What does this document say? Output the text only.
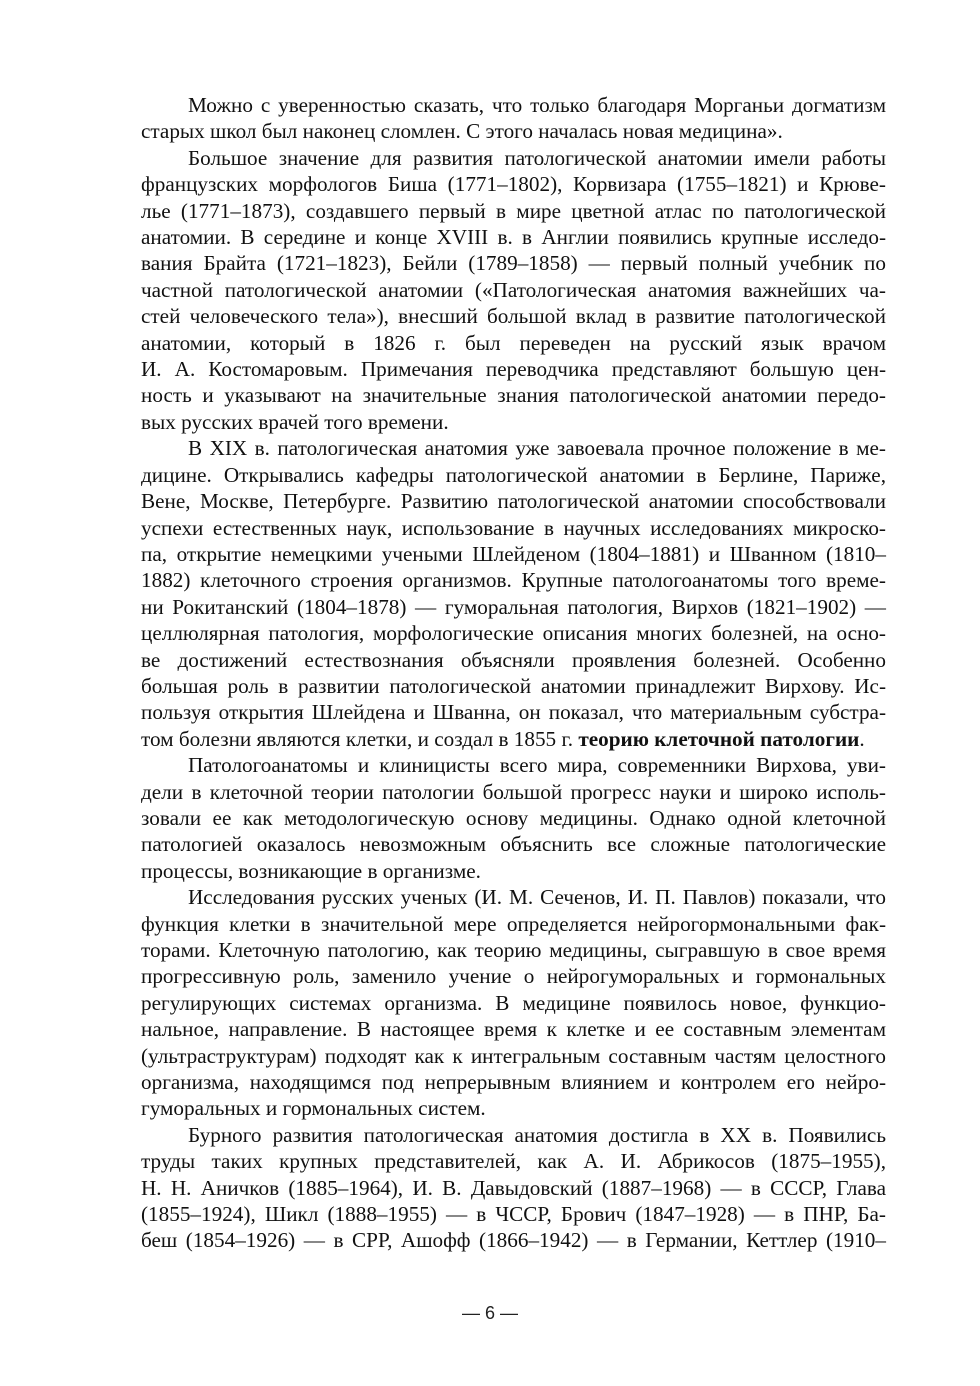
Можно с уверенностью сказать, что только благодаря Морганьи догматизм
старых школ был наконец сломлен. С этого началась новая медицина».
Большое значение для развития патологической анатомии имели работы
французских морфологов Биша (1771–1802), Корвизара (1755–1821) и Крюве-
лье (1771–1873), создавшего первый в мире цветной атлас по патологической
анатомии. В середине и конце XVIII в. в Англии появились крупные исследо-
вания Брайта (1721–1823), Бейли (1789–1858) — первый полный учебник по
частной патологической анатомии («Патологическая анатомия важнейших ча-
стей человеческого тела»), внесший большой вклад в развитие патологической
анатомии, который в 1826 г. был переведен на русский язык врачом
И. А. Костомаровым. Примечания переводчика представляют большую цен-
ность и указывают на значительные знания патологической анатомии передо-
вых русских врачей того времени.
В XIX в. патологическая анатомия уже завоевала прочное положение в ме-
дицине. Открывались кафедры патологической анатомии в Берлине, Париже,
Вене, Москве, Петербурге. Развитию патологической анатомии способствовали
успехи естественных наук, использование в научных исследованиях микроско-
па, открытие немецкими учеными Шлейденом (1804–1881) и Шванном (1810–
1882) клеточного строения организмов. Крупные патологоанатомы того време-
ни Рокитанский (1804–1878) — гуморальная патология, Вирхов (1821–1902) —
целлюлярная патология, морфологические описания многих болезней, на осно-
ве достижений естествознания объясняли проявления болезней. Особенно
большая роль в развитии патологической анатомии принадлежит Вирхову. Ис-
пользуя открытия Шлейдена и Шванна, он показал, что материальным субстра-
том болезни являются клетки, и создал в 1855 г. теорию клеточной патологии.
Патологоанатомы и клиницисты всего мира, современники Вирхова, уви-
дели в клеточной теории патологии большой прогресс науки и широко исполь-
зовали ее как методологическую основу медицины. Однако одной клеточной
патологией оказалось невозможным объяснить все сложные патологические
процессы, возникающие в организме.
Исследования русских ученых (И. М. Сеченов, И. П. Павлов) показали, что
функция клетки в значительной мере определяется нейрогормональными фак-
торами. Клеточную патологию, как теорию медицины, сыгравшую в свое время
прогрессивную роль, заменило учение о нейрогуморальных и гормональных
регулирующих системах организма. В медицине появилось новое, функцио-
нальное, направление. В настоящее время к клетке и ее составным элементам
(ультраструктурам) подходят как к интегральным составным частям целостного
организма, находящимся под непрерывным влиянием и контролем его нейро-
гуморальных и гормональных систем.
Бурного развития патологическая анатомия достигла в XX в. Появились
труды таких крупных представителей, как А. И. Абрикосов (1875–1955),
Н. Н. Аничков (1885–1964), И. В. Давыдовский (1887–1968) — в СССР, Глава
(1855–1924), Шикл (1888–1955) — в ЧССР, Брович (1847–1928) — в ПНР, Ба-
беш (1854–1926) — в СРР, Ашофф (1866–1942) — в Германии, Кеттлер (1910–
— 6 —
